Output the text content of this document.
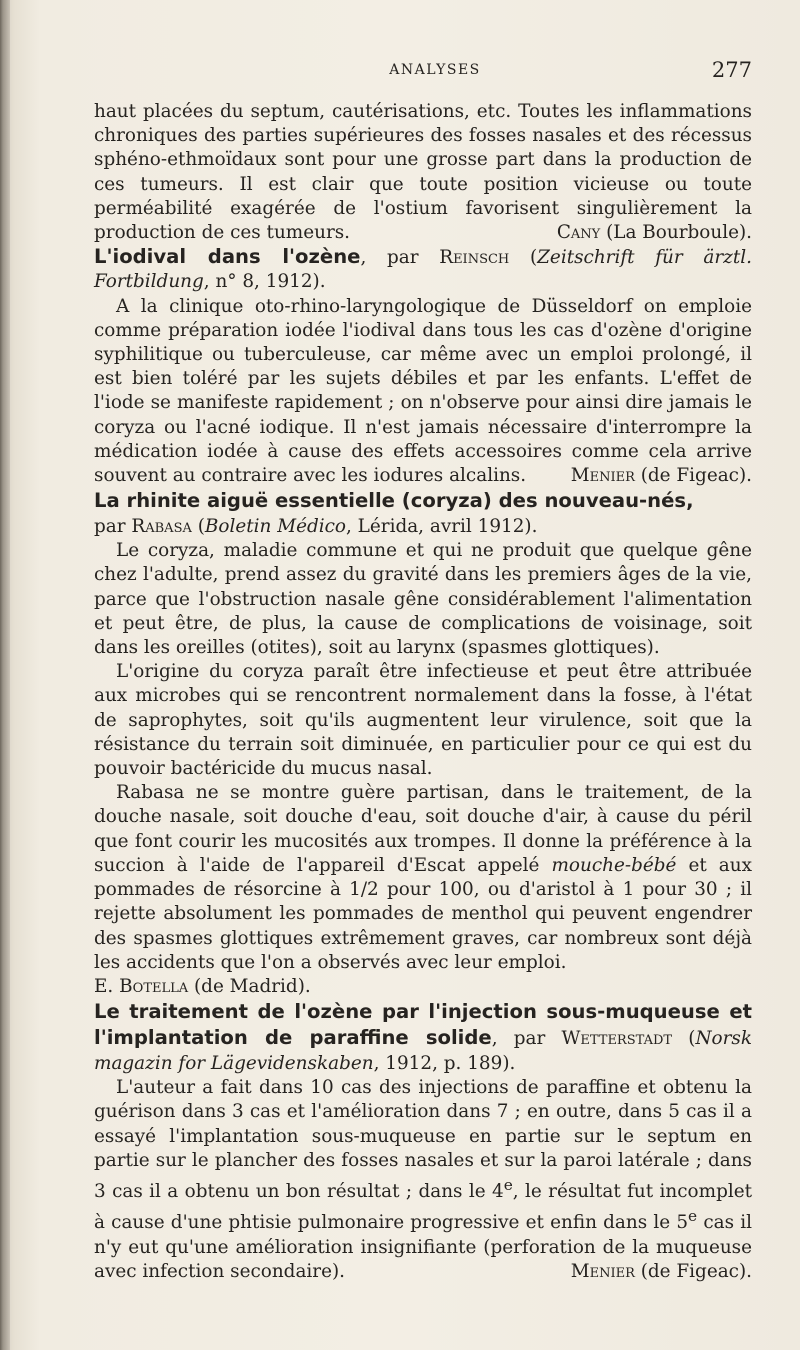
ANALYSES	277

haut placées du septum, cautérisations, etc. Toutes les inflammations chroniques des parties supérieures des fosses nasales et des récessus sphéno-ethmoïdaux sont pour une grosse part dans la production de ces tumeurs. Il est clair que toute position vicieuse ou toute perméabilité exagérée de l'ostium favorisent singulièrement la production de ces tumeurs.	Cany (La Bourboule).

L'iodival dans l'ozène, par Reinsch (Zeitschrift für ärztl. Fortbildung, n° 8, 1912).

A la clinique oto-rhino-laryngologique de Düsseldorf on emploie comme préparation iodée l'iodival dans tous les cas d'ozène d'origine syphilitique ou tuberculeuse, car même avec un emploi prolongé, il est bien toléré par les sujets débiles et par les enfants. L'effet de l'iode se manifeste rapidement ; on n'observe pour ainsi dire jamais le coryza ou l'acné iodique. Il n'est jamais nécessaire d'interrompre la médication iodée à cause des effets accessoires comme cela arrive souvent au contraire avec les iodures alcalins.	Menier (de Figeac).

La rhinite aiguë essentielle (coryza) des nouveau-nés,
par Rabasa (Boletin Médico, Lérida, avril 1912).

Le coryza, maladie commune et qui ne produit que quelque gêne chez l'adulte, prend assez du gravité dans les premiers âges de la vie, parce que l'obstruction nasale gêne considérablement l'alimentation et peut être, de plus, la cause de complications de voisinage, soit dans les oreilles (otites), soit au larynx (spasmes glottiques).

L'origine du coryza paraît être infectieuse et peut être attribuée aux microbes qui se rencontrent normalement dans la fosse, à l'état de saprophytes, soit qu'ils augmentent leur virulence, soit que la résistance du terrain soit diminuée, en particulier pour ce qui est du pouvoir bactéricide du mucus nasal.

Rabasa ne se montre guère partisan, dans le traitement, de la douche nasale, soit douche d'eau, soit douche d'air, à cause du péril que font courir les mucosités aux trompes. Il donne la préférence à la succion à l'aide de l'appareil d'Escat appelé mouche-bébé et aux pommades de résorcine à 1/2 pour 100, ou d'aristol à 1 pour 30 ; il rejette absolument les pommades de menthol qui peuvent engendrer des spasmes glottiques extrêmement graves, car nombreux sont déjà les accidents que l'on a observés avec leur emploi.

E. Botella (de Madrid).

Le traitement de l'ozène par l'injection sous-muqueuse et l'implantation de paraffine solide, par Wetterstadt (Norsk magazin for Lägevidenskaben, 1912, p. 189).

L'auteur a fait dans 10 cas des injections de paraffine et obtenu la guérison dans 3 cas et l'amélioration dans 7 ; en outre, dans 5 cas il a essayé l'implantation sous-muqueuse en partie sur le septum en partie sur le plancher des fosses nasales et sur la paroi latérale ; dans 3 cas il a obtenu un bon résultat ; dans le 4e, le résultat fut incomplet à cause d'une phtisie pulmonaire progressive et enfin dans le 5e cas il n'y eut qu'une amélioration insignifiante (perforation de la muqueuse avec infection secondaire).	Menier (de Figeac).
